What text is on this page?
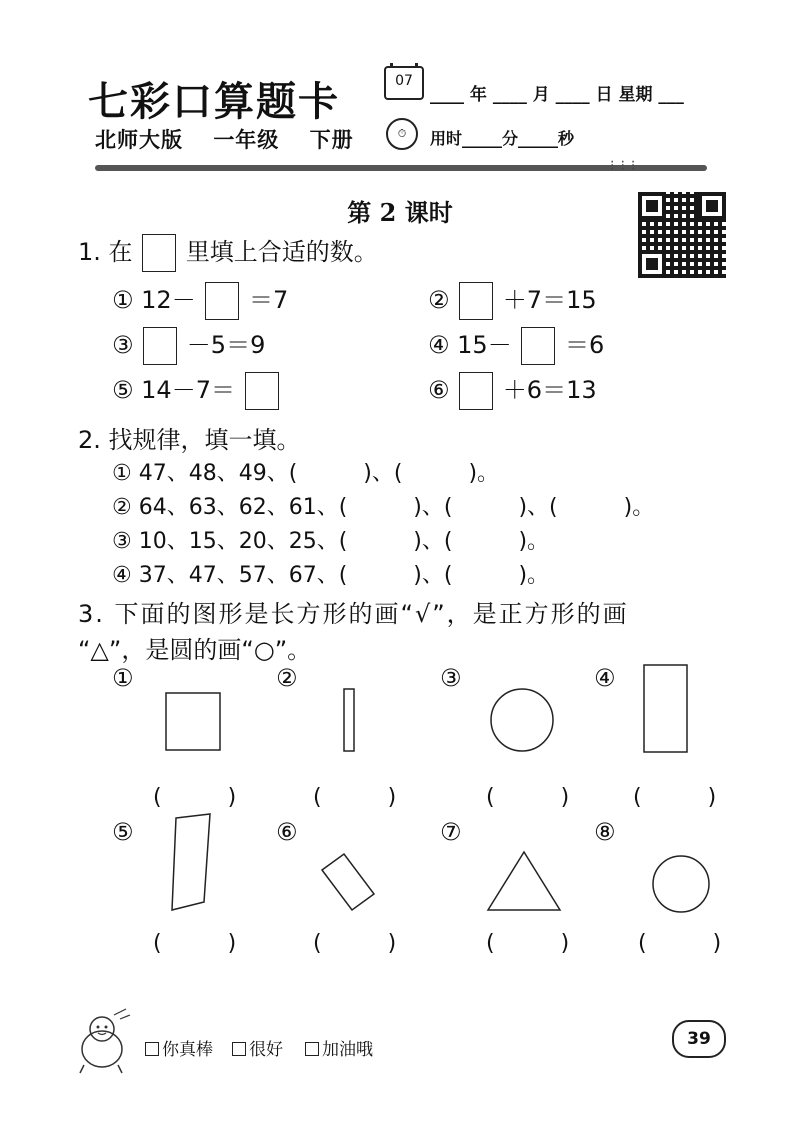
七彩口算题卡	07
____ 年 ____ 月 ____ 日 星期 ___
北师大版 一年级 下册	⏱	用时_____分_____秒
⁝⁝⁝
第 2 课时
1. 在 里填上合适的数。
① 12－ ＝7	② ＋7＝15
③ －5＝9	④ 15－ ＝6
⑤ 14－7＝	⑥ ＋6＝13
2. 找规律，填一填。
① 47、48、49、(　　　)、(　　　)。
② 64、63、62、61、(　　　)、(　　　)、(　　　)。
③ 10、15、20、25、(　　　)、(　　　)。
④ 37、47、57、67、(　　　)、(　　　)。
3. 下面的图形是长方形的画“√”，是正方形的画
“△”，是圆的画“○”。
①	②	③	④
(　　　)	(　　　)	(　　　)	(　　　)
⑤	⑥	⑦	⑧
(　　　)	(　　　)	(　　　)	(　　　)
你真棒	很好	加油哦
39
